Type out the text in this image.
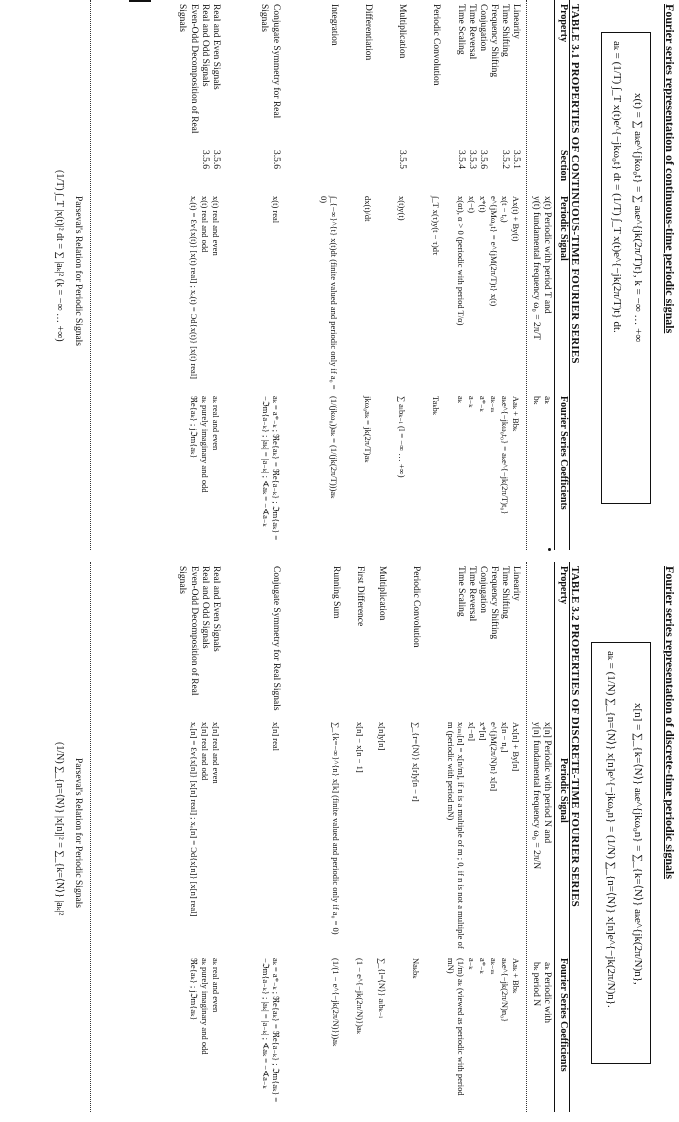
Fourier series representation of continuous-time periodic signals
x(t) = ∑ aₖe^{jkω₀t} = ∑ aₖe^{jk(2π/T)t}, k = −∞ … +∞
aₖ = (1/T) ∫_T x(t)e^{−jkω₀t} dt = (1/T) ∫_T x(t)e^{−jk(2π/T)t} dt.
TABLE 3.1 PROPERTIES OF CONTINUOUS-TIME FOURIER SERIES
Property
Section
Periodic Signal
Fourier Series Coefficients
x(t) Periodic with period T and
y(t) fundamental frequency ω₀ = 2π/T
aₖ
bₖ
Linearity
3.5.1
Ax(t) + By(t)
Aaₖ + Bbₖ
Time Shifting
3.5.2
x(t − t₀)
aₖe^{−jkω₀t₀} = aₖe^{−jk(2π/T)t₀}
Frequency Shifting
e^{jMω₀t} = e^{jM(2π/T)t} x(t)
aₖ₋ₘ
Conjugation
3.5.6
x*(t)
a*₋ₖ
Time Reversal
3.5.3
x(−t)
a₋ₖ
Time Scaling
3.5.4
x(αt), α > 0 (periodic with period T/α)
aₖ
Periodic Convolution
∫_T x(τ)y(t − τ)dτ
Taₖbₖ
Multiplication
3.5.5
x(t)y(t)
∑ aₗbₖ₋ₗ (l = −∞ … +∞)
Differentiation
dx(t)/dt
jkω₀aₖ = jk(2π/T)aₖ
Integration
∫_{−∞}^{t} x(t)dt (finite valued and periodic only if a₀ = 0)
(1/(jkω₀))aₖ = (1/(jk(2π/T)))aₖ
Conjugate Symmetry for Real Signals
3.5.6
x(t) real
aₖ = a*₋ₖ ; ℜe{aₖ} = ℜe{a₋ₖ} ; ℑm{aₖ} = −ℑm{a₋ₖ} ; |aₖ| = |a₋ₖ| ; ∢aₖ = −∢a₋ₖ
Real and Even Signals
3.5.6
x(t) real and even
aₖ real and even
Real and Odd Signals
3.5.6
x(t) real and odd
aₖ purely imaginary and odd
Even-Odd Decomposition of Real Signals
xₑ(t) = Ɛv{x(t)} [x(t) real] ; xₒ(t) = Ɔd{x(t)} [x(t) real]
ℜe{aₖ} ; jℑm{aₖ}
Parseval's Relation for Periodic Signals
(1/T) ∫_T |x(t)|² dt = ∑ |aₖ|² (k = −∞ … +∞)
Fourier series representation of discrete-time periodic signals
x[n] = ∑_{k=⟨N⟩} aₖe^{jkω₀n} = ∑_{k=⟨N⟩} aₖe^{jk(2π/N)n},
aₖ = (1/N) ∑_{n=⟨N⟩} x[n]e^{−jkω₀n} = (1/N) ∑_{n=⟨N⟩} x[n]e^{−jk(2π/N)n}.
TABLE 3.2 PROPERTIES OF DISCRETE-TIME FOURIER SERIES
Property
Periodic Signal
Fourier Series Coefficients
x[n] Periodic with period N and
y[n] fundamental frequency ω₀ = 2π/N
aₖ Periodic with
bₖ period N
Linearity
Ax[n] + By[n]
Aaₖ + Bbₖ
Time Shifting
x[n − n₀]
aₖe^{−jk(2π/N)n₀}
Frequency Shifting
e^{jM(2π/N)n} x[n]
aₖ₋ₘ
Conjugation
x*[n]
a*₋ₖ
Time Reversal
x[−n]
a₋ₖ
Time Scaling
x₍ₘ₎[n] = x[n/m], if n is a multiple of m ; 0, if n is not a multiple of m (periodic with period mN)
(1/m) aₖ (viewed as periodic with period mN)
Periodic Convolution
∑_{r=⟨N⟩} x[r]y[n − r]
Naₖbₖ
Multiplication
x[n]y[n]
∑_{l=⟨N⟩} aₗbₖ₋ₗ
First Difference
x[n] − x[n − 1]
(1 − e^{−jk(2π/N)})aₖ
Running Sum
∑_{k=−∞}^{n} x[k] (finite valued and periodic only if a₀ = 0)
(1/(1 − e^{−jk(2π/N)}))aₖ
Conjugate Symmetry for Real Signals
x[n] real
aₖ = a*₋ₖ ; ℜe{aₖ} = ℜe{a₋ₖ} ; ℑm{aₖ} = −ℑm{a₋ₖ} ; |aₖ| = |a₋ₖ| ; ∢aₖ = −∢a₋ₖ
Real and Even Signals
x[n] real and even
aₖ real and even
Real and Odd Signals
x[n] real and odd
aₖ purely imaginary and odd
Even-Odd Decomposition of Real Signals
xₑ[n] = Ɛv{x[n]} [x[n] real] ; xₒ[n] = Ɔd{x[n]} [x[n] real]
ℜe{aₖ} ; jℑm{aₖ}
Parseval's Relation for Periodic Signals
(1/N) ∑_{n=⟨N⟩} |x[n]|² = ∑_{k=⟨N⟩} |aₖ|²
